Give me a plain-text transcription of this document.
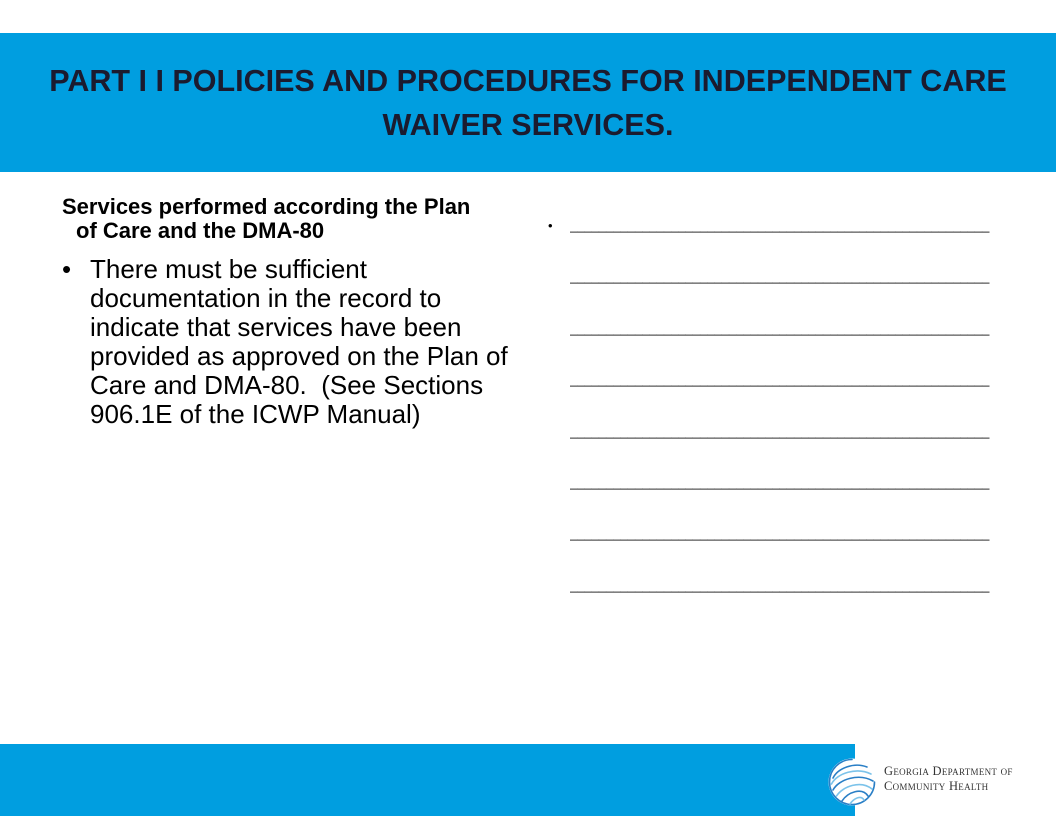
PART I I POLICIES AND PROCEDURES FOR INDEPENDENT CARE WAIVER SERVICES.

Services performed according the Plan of Care and the DMA-80

• There must be sufficient documentation in the record to indicate that services have been provided as approved on the Plan of Care and DMA-80.  (See Sections 906.1E of the ICWP Manual)
• __________________________________________________________
__________________________________________________________
__________________________________________________________
__________________________________________________________
__________________________________________________________
__________________________________________________________
__________________________________________________________
__________________________________________________________
Georgia Department of
Community Health
